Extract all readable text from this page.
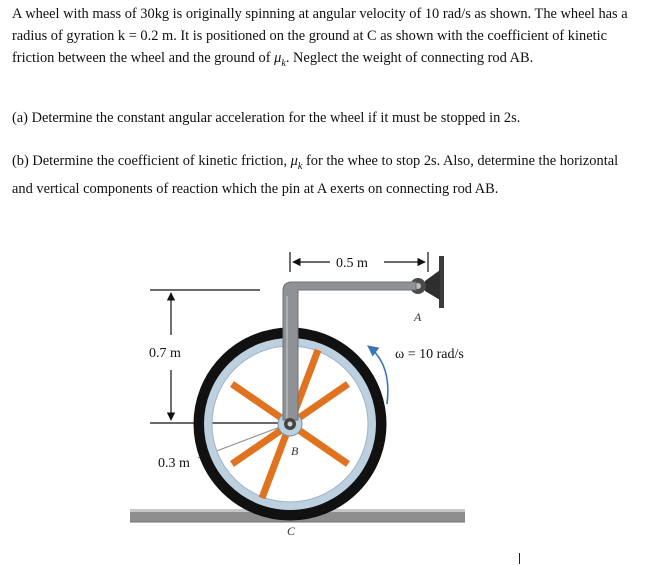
A wheel with mass of 30kg is originally spinning at angular velocity of 10 rad/s as shown. The wheel has a radius of gyration k = 0.2 m. It is positioned on the ground at C as shown with the coefficient of kinetic friction between the wheel and the ground of $\mu_k$. Neglect the weight of connecting rod AB.

(a) Determine the constant angular acceleration for the wheel if it must be stopped in 2s.

(b) Determine the coefficient of kinetic friction, $\mu_k$ for the whee to stop 2s. Also, determine the horizontal and vertical components of reaction which the pin at A exerts on connecting rod AB.

0.7 m
0.3 m
0.5 m
A
B
C
ω = 10 rad/s
